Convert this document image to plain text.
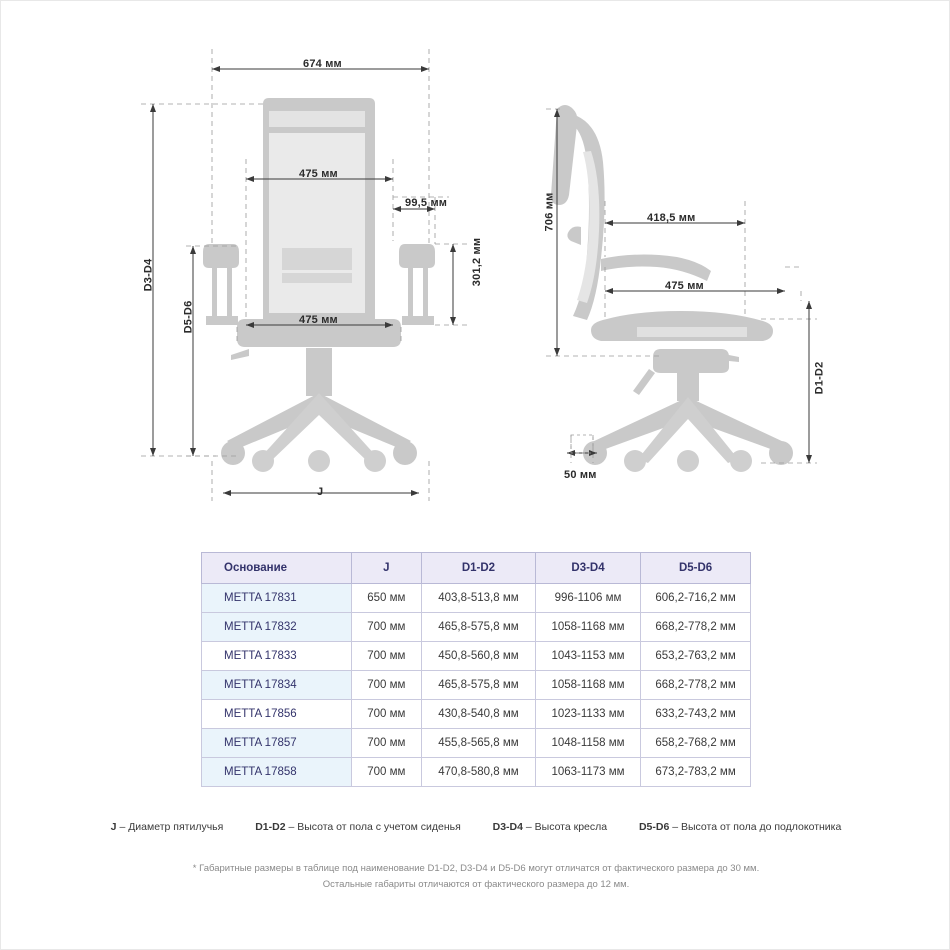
674 мм
475 мм
99,5 мм
475 мм
301,2 мм
D3-D4
D5-D6
J
706 мм	418,5 мм
475 мм
D1-D2
50 мм
Основание	J	D1-D2	D3-D4	D5-D6
METTA 17831	650 мм	403,8-513,8 мм	996-1106 мм	606,2-716,2 мм
METTA 17832	700 мм	465,8-575,8 мм	1058-1168 мм	668,2-778,2 мм
METTA 17833	700 мм	450,8-560,8 мм	1043-1153 мм	653,2-763,2 мм
METTA 17834	700 мм	465,8-575,8 мм	1058-1168 мм	668,2-778,2 мм
METTA 17856	700 мм	430,8-540,8 мм	1023-1133 мм	633,2-743,2 мм
METTA 17857	700 мм	455,8-565,8 мм	1048-1158 мм	658,2-768,2 мм
METTA 17858	700 мм	470,8-580,8 мм	1063-1173 мм	673,2-783,2 мм
J – Диаметр пятилучья	D1-D2 – Высота от пола с учетом сиденья	D3-D4 – Высота кресла	D5-D6 – Высота от пола до подлокотника
* Габаритные размеры в таблице под наименование D1-D2, D3-D4 и D5-D6 могут отличатся от фактического размера до 30 мм.
Остальные габариты отличаются от фактического размера до 12 мм.
